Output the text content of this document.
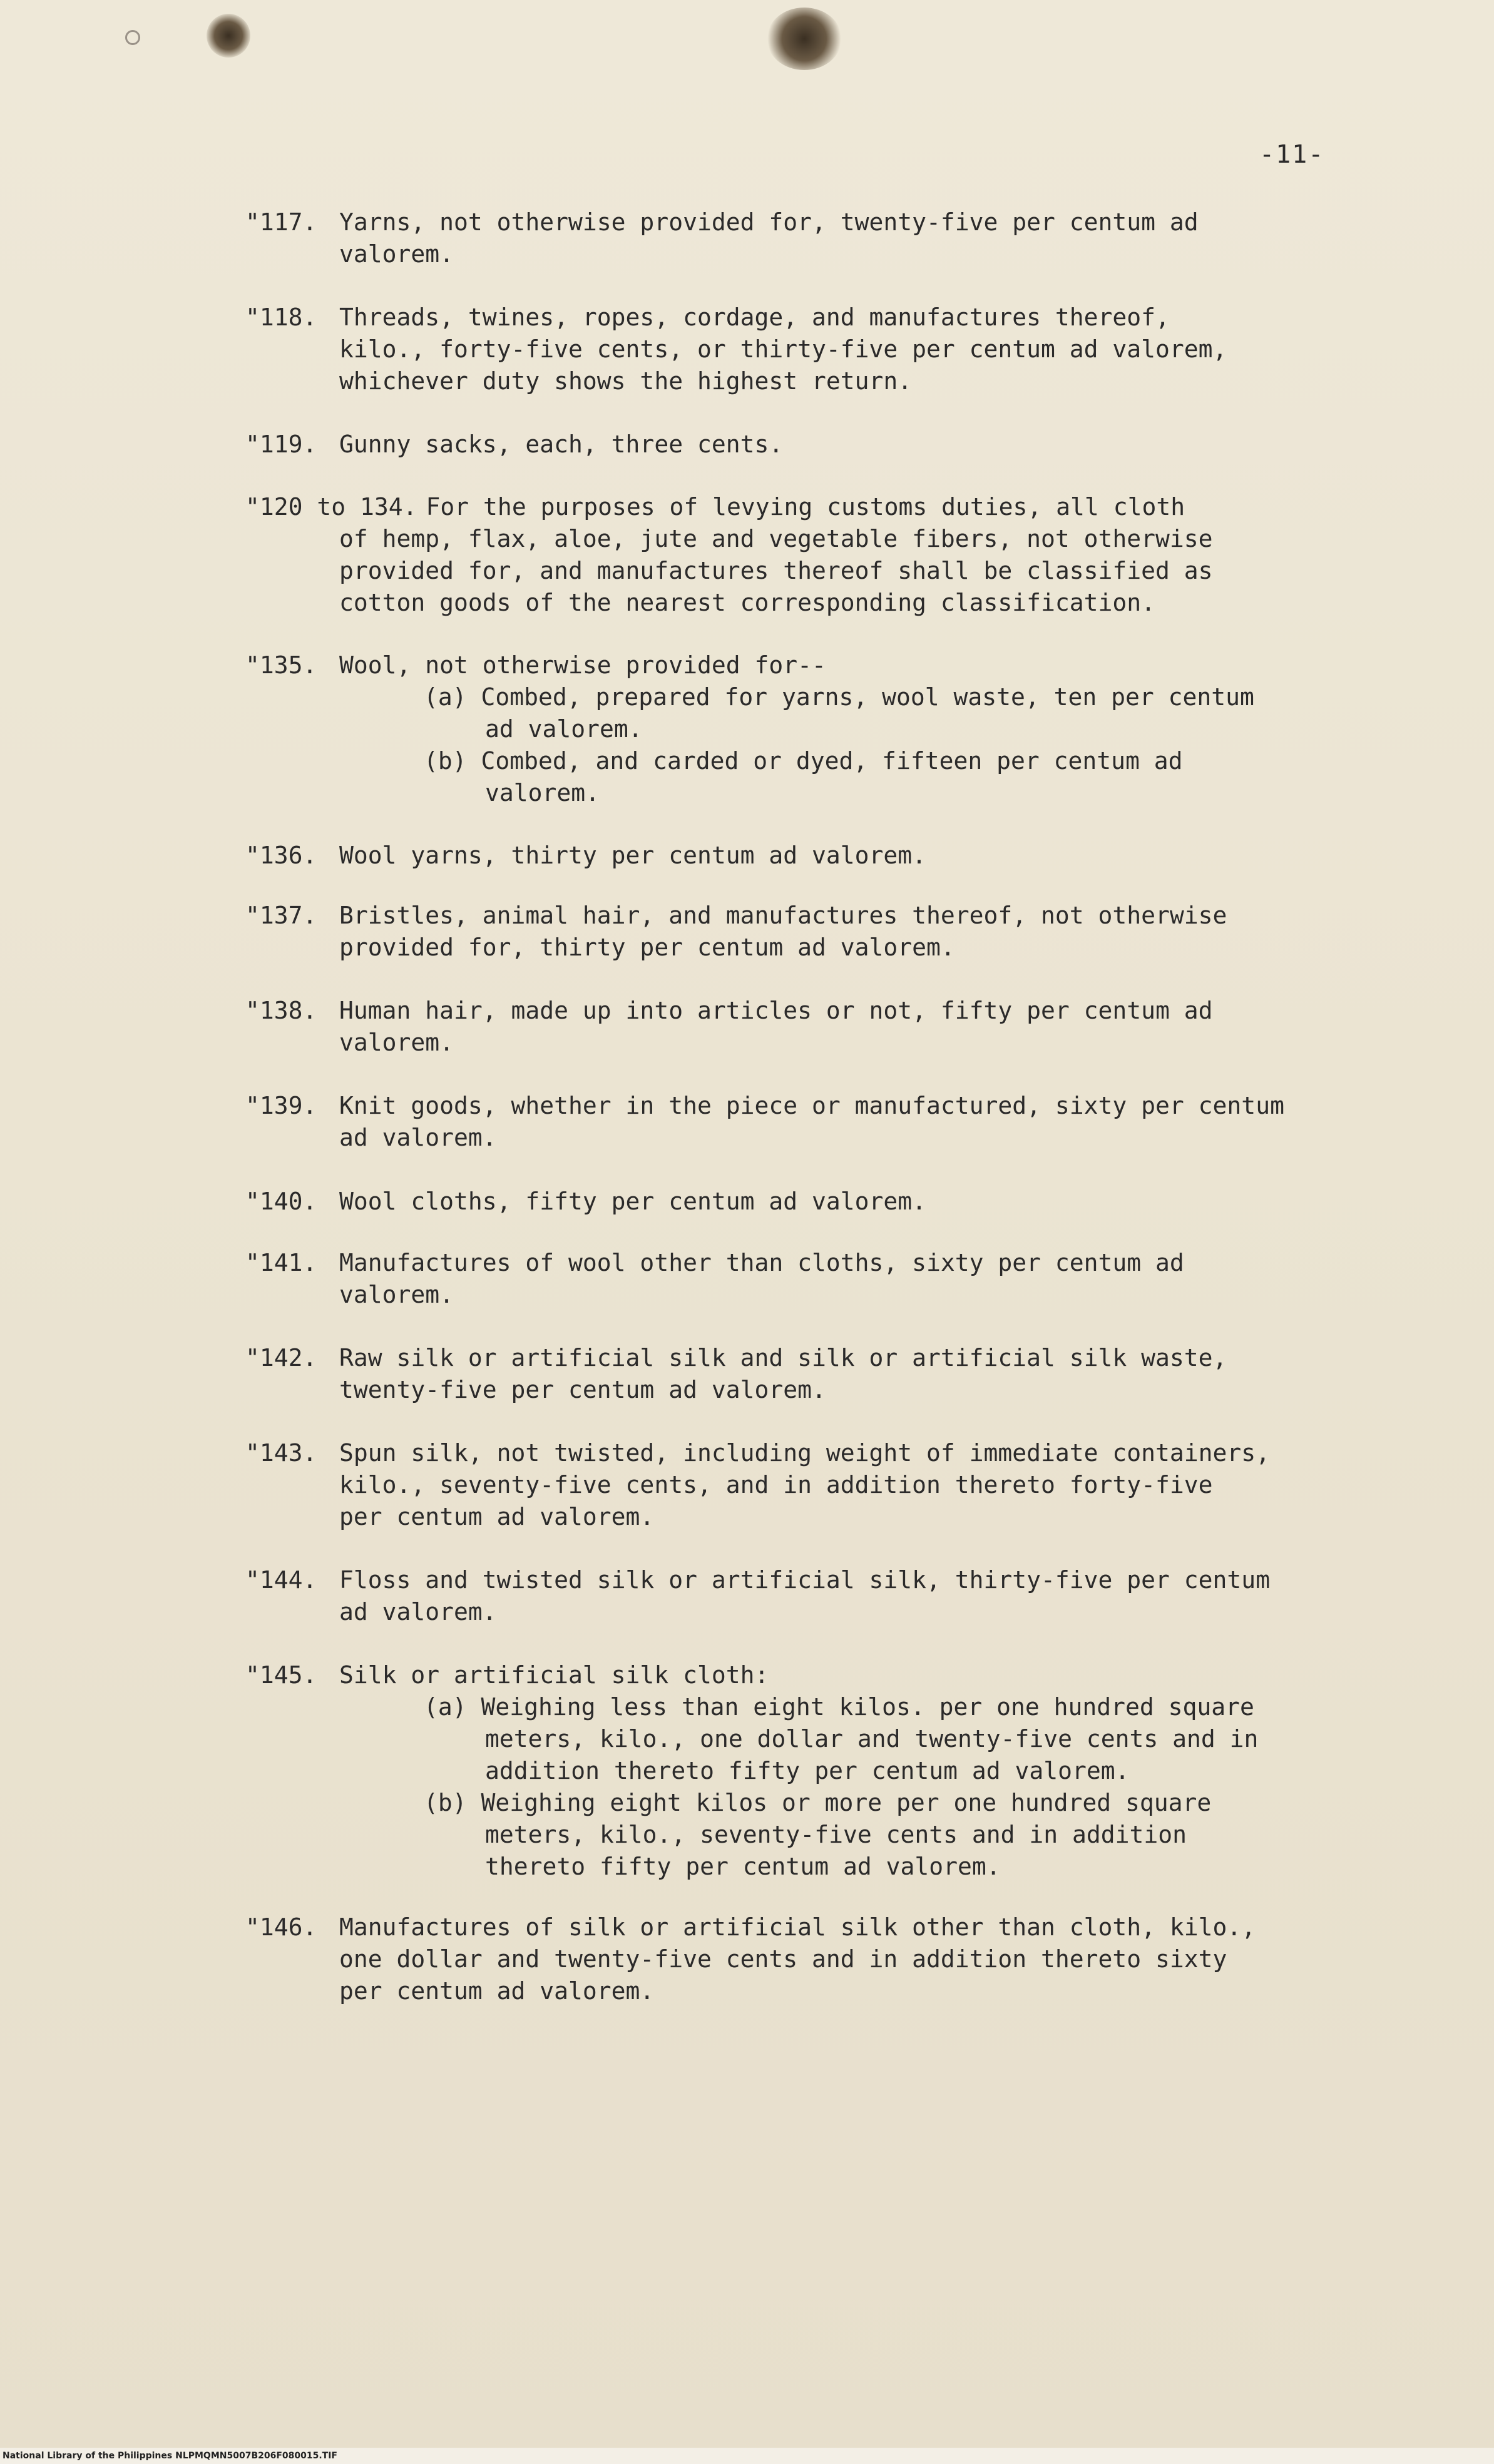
-11-
"117. Yarns, not otherwise provided for, twenty-five per centum ad
valorem.
"118. Threads, twines, ropes, cordage, and manufactures thereof,
kilo., forty-five cents, or thirty-five per centum ad valorem,
whichever duty shows the highest return.
"119. Gunny sacks, each, three cents.
"120 to 134. For the purposes of levying customs duties, all cloth
of hemp, flax, aloe, jute and vegetable fibers, not otherwise
provided for, and manufactures thereof shall be classified as
cotton goods of the nearest corresponding classification.
"135. Wool, not otherwise provided for--
(a) Combed, prepared for yarns, wool waste, ten per centum
ad valorem.
(b) Combed, and carded or dyed, fifteen per centum ad
valorem.
"136. Wool yarns, thirty per centum ad valorem.
"137. Bristles, animal hair, and manufactures thereof, not otherwise
provided for, thirty per centum ad valorem.
"138. Human hair, made up into articles or not, fifty per centum ad
valorem.
"139. Knit goods, whether in the piece or manufactured, sixty per centum
ad valorem.
"140. Wool cloths, fifty per centum ad valorem.
"141. Manufactures of wool other than cloths, sixty per centum ad
valorem.
"142. Raw silk or artificial silk and silk or artificial silk waste,
twenty-five per centum ad valorem.
"143. Spun silk, not twisted, including weight of immediate containers,
kilo., seventy-five cents, and in addition thereto forty-five
per centum ad valorem.
"144. Floss and twisted silk or artificial silk, thirty-five per centum
ad valorem.
"145. Silk or artificial silk cloth:
(a) Weighing less than eight kilos. per one hundred square
meters, kilo., one dollar and twenty-five cents and in
addition thereto fifty per centum ad valorem.
(b) Weighing eight kilos or more per one hundred square
meters, kilo., seventy-five cents and in addition
thereto fifty per centum ad valorem.
"146. Manufactures of silk or artificial silk other than cloth, kilo.,
one dollar and twenty-five cents and in addition thereto sixty
per centum ad valorem.
National Library of the Philippines NLPMQMN5007B206F080015.TIF
